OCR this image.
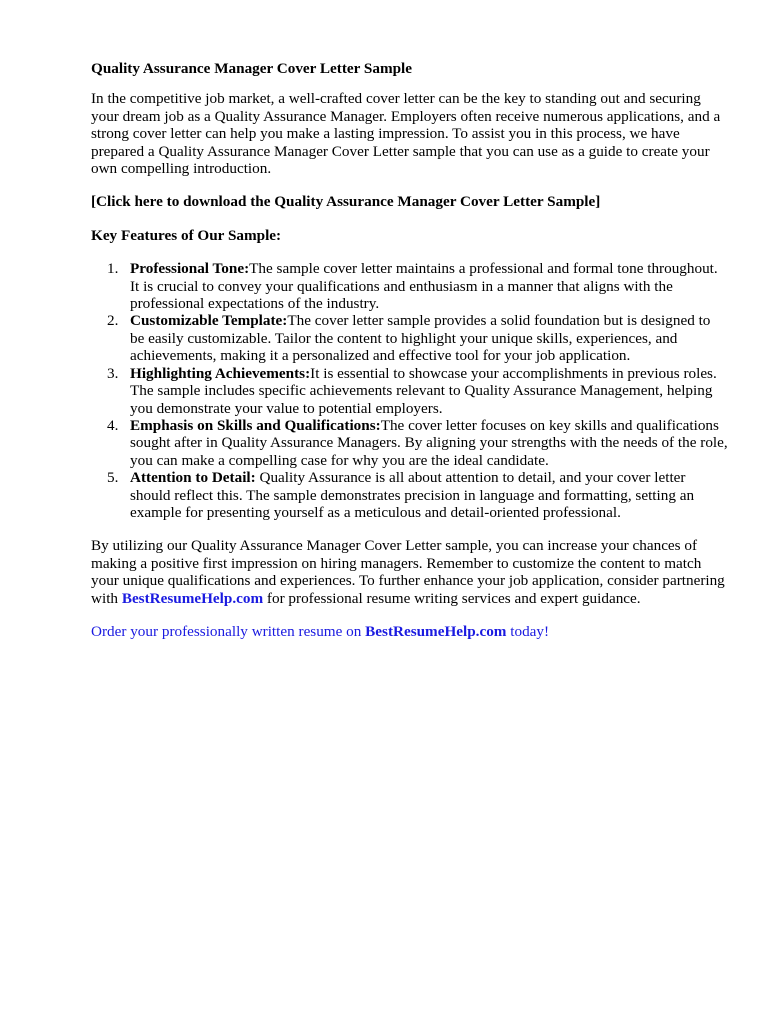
Quality Assurance Manager Cover Letter Sample

In the competitive job market, a well-crafted cover letter can be the key to standing out and securing your dream job as a Quality Assurance Manager. Employers often receive numerous applications, and a strong cover letter can help you make a lasting impression. To assist you in this process, we have prepared a Quality Assurance Manager Cover Letter sample that you can use as a guide to create your own compelling introduction.

[Click here to download the Quality Assurance Manager Cover Letter Sample]

Key Features of Our Sample:

1. Professional Tone:The sample cover letter maintains a professional and formal tone throughout. It is crucial to convey your qualifications and enthusiasm in a manner that aligns with the professional expectations of the industry.
2. Customizable Template:The cover letter sample provides a solid foundation but is designed to be easily customizable. Tailor the content to highlight your unique skills, experiences, and achievements, making it a personalized and effective tool for your job application.
3. Highlighting Achievements:It is essential to showcase your accomplishments in previous roles. The sample includes specific achievements relevant to Quality Assurance Management, helping you demonstrate your value to potential employers.
4. Emphasis on Skills and Qualifications:The cover letter focuses on key skills and qualifications sought after in Quality Assurance Managers. By aligning your strengths with the needs of the role, you can make a compelling case for why you are the ideal candidate.
5. Attention to Detail: Quality Assurance is all about attention to detail, and your cover letter should reflect this. The sample demonstrates precision in language and formatting, setting an example for presenting yourself as a meticulous and detail-oriented professional.

By utilizing our Quality Assurance Manager Cover Letter sample, you can increase your chances of making a positive first impression on hiring managers. Remember to customize the content to match your unique qualifications and experiences. To further enhance your job application, consider partnering with BestResumeHelp.com for professional resume writing services and expert guidance.

Order your professionally written resume on BestResumeHelp.com today!
